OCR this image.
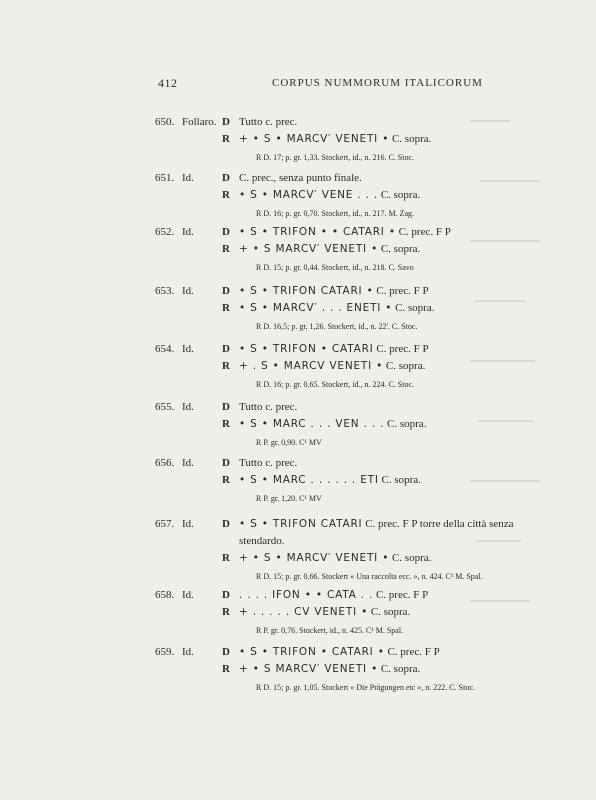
412	CORPUS NUMMORUM ITALICORUM
650. Follaro. D Tutto c. prec.
R + • S • MARCV′ VENETI • C. sopra.
R D. 17; p. gr. 1,33. Stockert, id., n. 216. C. Stoc.
651. Id.	D C. prec., senza punto finale.
R • S • MARCV′ VENE . . . C. sopra.
R D. 16; p. gr. 0,70. Stockert, id., n. 217. M. Zag.
652. Id.	D • S • TRIFON • • CATARI • C. prec. F P
R + • S MARCV′ VENETI • C. sopra.
R D. 15; p. gr. 0,44. Stockert, id., n. 218. C. Savo
653. Id.	D • S • TRIFON CATARI • C. prec. F P
R • S • MARCV′ . . . ENETI • C. sopra.
R D. 16,5; p. gr. 1,26. Stockert, id., n. 22'. C. Stoc.
654. Id.	D • S • TRIFON • CATARI C. prec. F P
R + . S • MARCV VENETI • C. sopra.
R D. 16; p. gr. 0,65. Stockert, id., n. 224. C. Stoc.
655. Id.	D Tutto c. prec.
R • S • MARC . . . VEN . . . C. sopra.
R P. gr. 0,90. C¹ MV
656. Id.	D Tutto c. prec.
R • S • MARC . . . . . . ETI C. sopra.
R P. gr. 1,20. C¹ MV
657. Id.	D • S • TRIFON CATARI C. prec. F P torre della città senza
stendardo.
R + • S • MARCV′ VENETI • C. sopra.
R D. 15; p. gr. 0,66. Stockert « Una raccolta ecc. », n. 424. C¹ M. Spal.
658. Id.	D . . . . IFON • • CATA . . C. prec. F P
R + . . . . . CV VENETI • C. sopra.
R P. gr. 0,76. Stockert, id., n. 425. C¹ M. Spal.
659. Id.	D • S • TRIFON • CATARI • C. prec. F P
R + • S MARCV′ VENETI • C. sopra.
R D. 15; p. gr. 1,05. Stockert « Die Prägungen etc », n. 222. C. Stoc.
